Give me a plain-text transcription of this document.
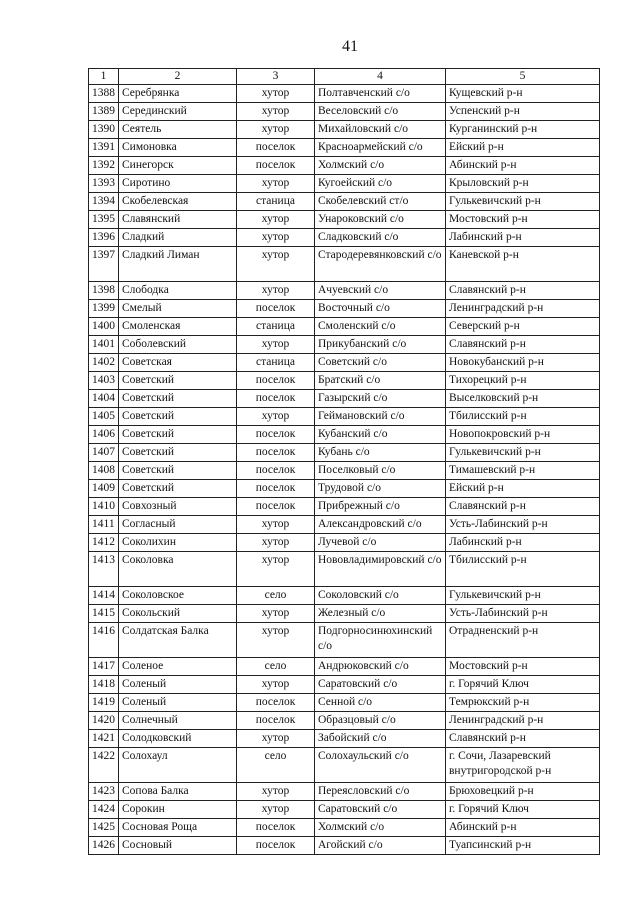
41
1	2	3	4	5
1388	Серебрянка	хутор	Полтавченский с/о	Кущевский р-н
1389	Серединский	хутор	Веселовский с/о	Успенский р-н
1390	Сеятель	хутор	Михайловский с/о	Курганинский р-н
1391	Симоновка	поселок	Красноармейский с/о	Ейский р-н
1392	Синегорск	поселок	Холмский с/о	Абинский р-н
1393	Сиротино	хутор	Кугоейский с/о	Крыловский р-н
1394	Скобелевская	станица	Скобелевский ст/о	Гулькевичский р-н
1395	Славянский	хутор	Унароковский с/о	Мостовский р-н
1396	Сладкий	хутор	Сладковский с/о	Лабинский р-н
1397	Сладкий Лиман	хутор	Стародеревянковский с/о	Каневской р-н
1398	Слободка	хутор	Ачуевский с/о	Славянский р-н
1399	Смелый	поселок	Восточный с/о	Ленинградский р-н
1400	Смоленская	станица	Смоленский с/о	Северский р-н
1401	Соболевский	хутор	Прикубанский с/о	Славянский р-н
1402	Советская	станица	Советский с/о	Новокубанский р-н
1403	Советский	поселок	Братский с/о	Тихорецкий р-н
1404	Советский	поселок	Газырский с/о	Выселковский р-н
1405	Советский	хутор	Геймановский с/о	Тбилисский р-н
1406	Советский	поселок	Кубанский с/о	Новопокровский р-н
1407	Советский	поселок	Кубань с/о	Гулькевичский р-н
1408	Советский	поселок	Поселковый с/о	Тимашевский р-н
1409	Советский	поселок	Трудовой с/о	Ейский р-н
1410	Совхозный	поселок	Прибрежный с/о	Славянский р-н
1411	Согласный	хутор	Александровский с/о	Усть-Лабинский р-н
1412	Соколихин	хутор	Лучевой с/о	Лабинский р-н
1413	Соколовка	хутор	Нововладимировский с/о	Тбилисский р-н
1414	Соколовское	село	Соколовский с/о	Гулькевичский р-н
1415	Сокольский	хутор	Железный с/о	Усть-Лабинский р-н
1416	Солдатская Балка	хутор	Подгорносинюхинский с/о	Отрадненский р-н
1417	Соленое	село	Андрюковский с/о	Мостовский р-н
1418	Соленый	хутор	Саратовский с/о	г. Горячий Ключ
1419	Соленый	поселок	Сенной с/о	Темрюкский р-н
1420	Солнечный	поселок	Образцовый с/о	Ленинградский р-н
1421	Солодковский	хутор	Забойский с/о	Славянский р-н
1422	Солохаул	село	Солохаульский с/о	г. Сочи, Лазаревский внутригородской р-н
1423	Сопова Балка	хутор	Переясловский с/о	Брюховецкий р-н
1424	Сорокин	хутор	Саратовский с/о	г. Горячий Ключ
1425	Сосновая Роща	поселок	Холмский с/о	Абинский р-н
1426	Сосновый	поселок	Агойский с/о	Туапсинский р-н
